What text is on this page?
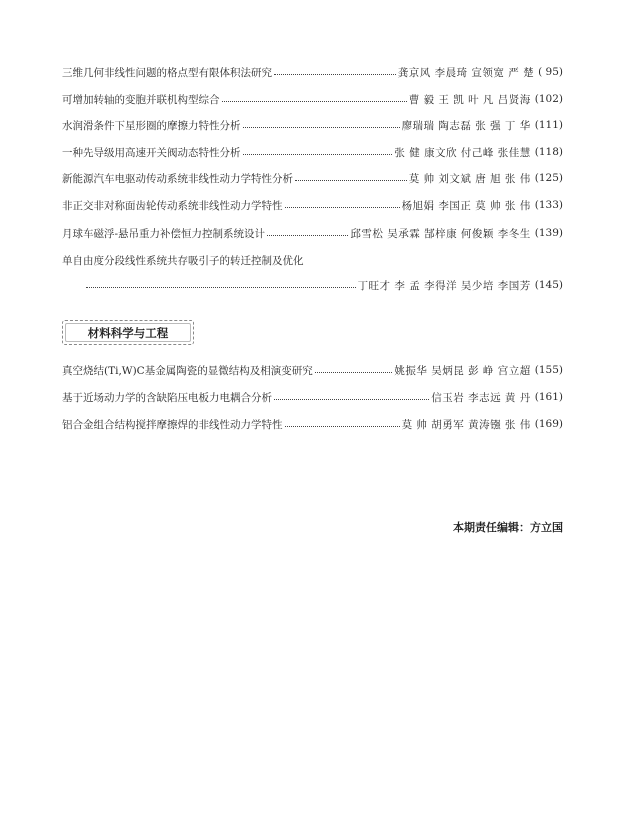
三维几何非线性问题的格点型有限体积法研究	龚京风 李晨琦 宣领宽 严 楚 ( 95)
可增加转轴的变胞并联机构型综合	曹 毅 王 凯 叶 凡 吕贤海 (102)
水润滑条件下星形圈的摩擦力特性分析	廖瑞瑞 陶志磊 张 强 丁 华 (111)
一种先导级用高速开关阀动态特性分析	张 健 康文欣 付己峰 张佳慧 (118)
新能源汽车电驱动传动系统非线性动力学特性分析	莫 帅 刘文斌 唐 旭 张 伟 (125)
非正交非对称面齿轮传动系统非线性动力学特性	杨旭娟 李国正 莫 帅 张 伟 (133)
月球车磁浮-悬吊重力补偿恒力控制系统设计	邱雪松 吴承霖 郜梓康 何俊颖 李冬生 (139)
单自由度分段线性系统共存吸引子的转迁控制及优化
丁旺才 李 孟 李得洋 吴少培 李国芳 (145)
材料科学与工程
真空烧结(Ti,W)C基金属陶瓷的显微结构及相演变研究	姚振华 吴炳昆 彭 峥 宫立超 (155)
基于近场动力学的含缺陷压电板力电耦合分析	信玉岩 李志远 黄 丹 (161)
铝合金组合结构搅拌摩擦焊的非线性动力学特性	莫 帅 胡勇军 黄涛镪 张 伟 (169)
本期责任编辑：方立国
